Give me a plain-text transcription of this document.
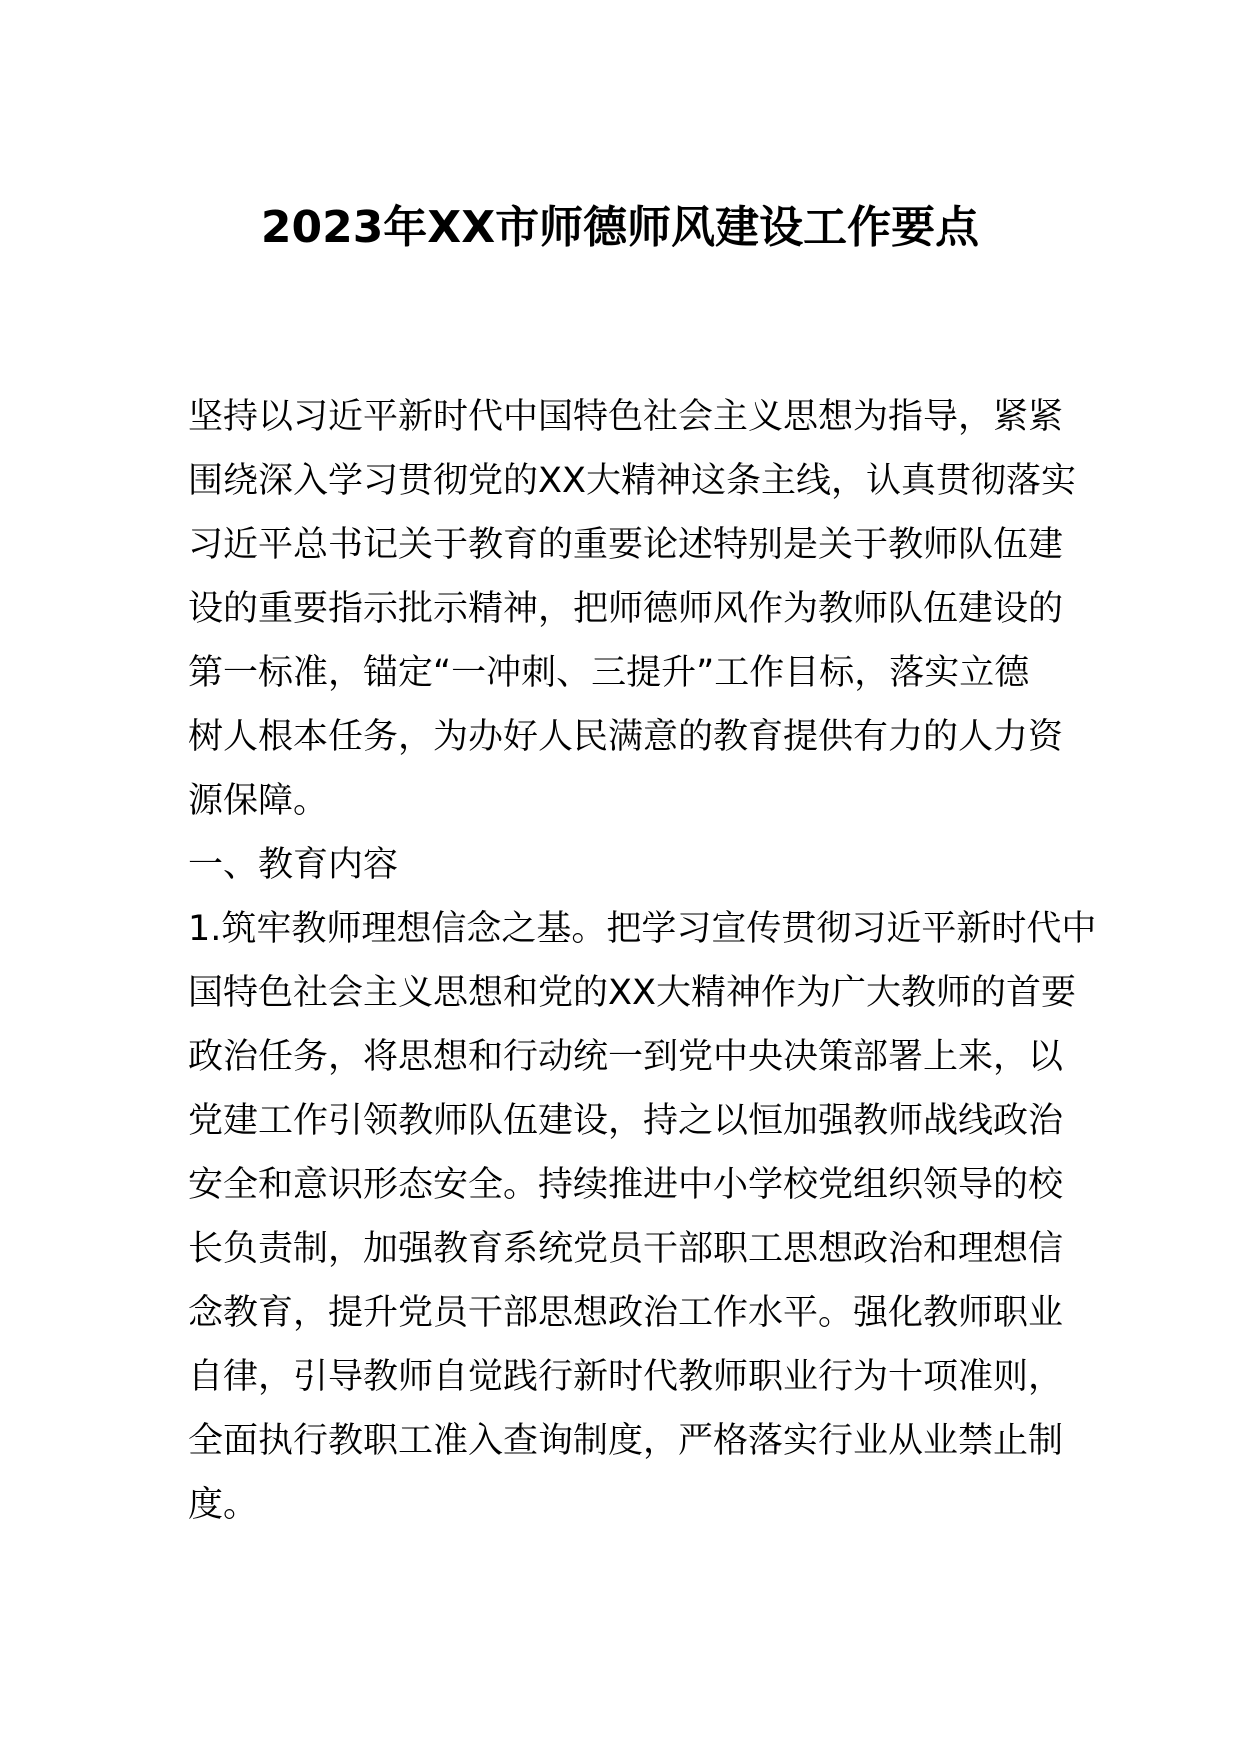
2023年XX市师德师风建设工作要点
坚持以习近平新时代中国特色社会主义思想为指导，紧紧
围绕深入学习贯彻党的XX大精神这条主线，认真贯彻落实
习近平总书记关于教育的重要论述特别是关于教师队伍建
设的重要指示批示精神，把师德师风作为教师队伍建设的
第一标准，锚定“一冲刺、三提升”工作目标，落实立德
树人根本任务，为办好人民满意的教育提供有力的人力资
源保障。
一、教育内容
1.筑牢教师理想信念之基。把学习宣传贯彻习近平新时代中
国特色社会主义思想和党的XX大精神作为广大教师的首要
政治任务，将思想和行动统一到党中央决策部署上来，以
党建工作引领教师队伍建设，持之以恒加强教师战线政治
安全和意识形态安全。持续推进中小学校党组织领导的校
长负责制，加强教育系统党员干部职工思想政治和理想信
念教育，提升党员干部思想政治工作水平。强化教师职业
自律，引导教师自觉践行新时代教师职业行为十项准则，
全面执行教职工准入查询制度，严格落实行业从业禁止制
度。
